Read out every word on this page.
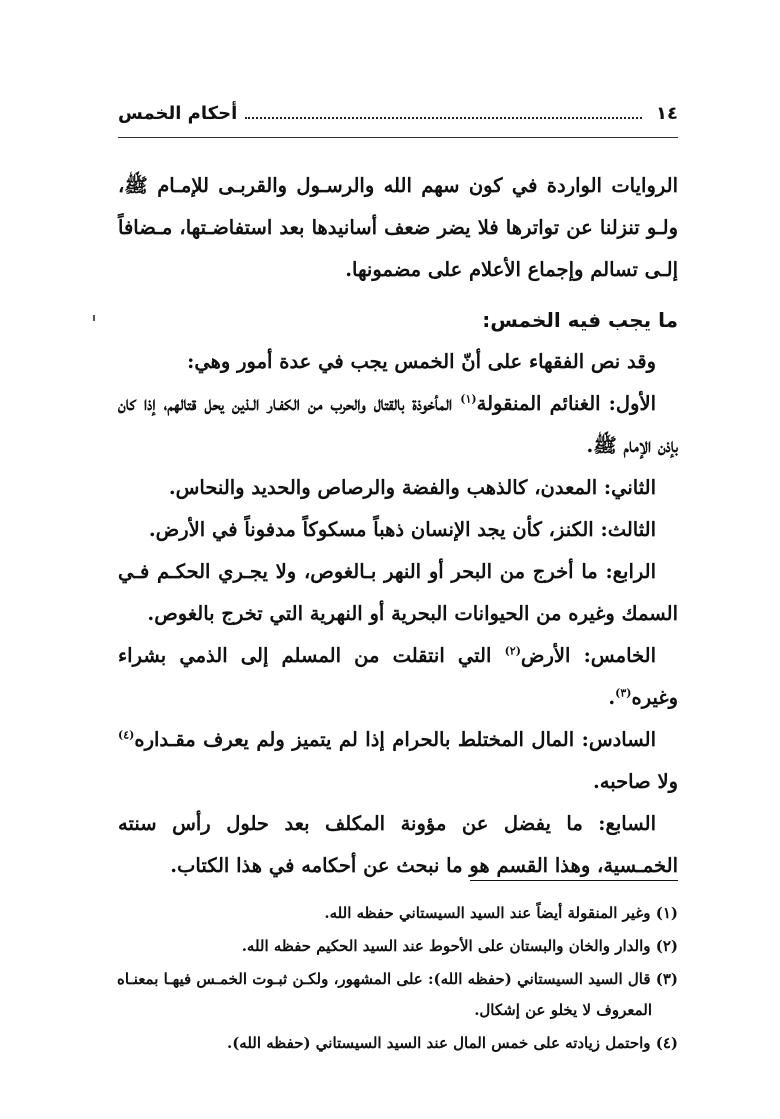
١٤
أحكام الخمس

الروايات الواردة في كون سهم الله والرسـول والقربـى للإمـام ﷺ، ولـو تنزلنا عن تواترها فلا يضر ضعف أسانيدها بعد استفاضـتها، مـضافاً إلـى تسالم وإجماع الأعلام على مضمونها.

ما يجب فيه الخمس:

وقد نص الفقهاء على أنّ الخمس يجب في عدة أمور وهي:

الأول: الغنائم المنقولة$^{(١)}$ المأخوذة بالقتال والحرب من الكفـار الـذين يحل قتالهم، إذا كان بإذن الإمام ﷺ.

الثاني: المعدن، كالذهب والفضة والرصاص والحديد والنحاس.

الثالث: الكنز، كأن يجد الإنسان ذهباً مسكوكاً مدفوناً في الأرض.

الرابع: ما أخرج من البحر أو النهر بـالغوص، ولا يجـري الحكـم فـي السمك وغيره من الحيوانات البحرية أو النهرية التي تخرج بالغوص.

الخامس: الأرض$^{(٢)}$ التي انتقلت من المسلم إلى الذمي بشراء وغيره$^{(٣)}$.

السادس: المال المختلط بالحرام إذا لم يتميز ولم يعرف مقـداره$^{(٤)}$ ولا صاحبه.

السابع: ما يفضل عن مؤونة المكلف بعد حلول رأس سنته الخمـسية، وهذا القسم هو ما نبحث عن أحكامه في هذا الكتاب.

(١) وغير المنقولة أيضاً عند السيد السيستاني حفظه الله.

(٢) والدار والخان والبستان على الأحوط عند السيد الحكيم حفظه الله.

(٣) قال السيد السيستاني (حفظه الله): على المشهور، ولكـن ثبـوت الخمـس فيهـا بمعنـاه

المعروف لا يخلو عن إشكال.

(٤) واحتمل زيادته على خمس المال عند السيد السيستاني (حفظه الله).
